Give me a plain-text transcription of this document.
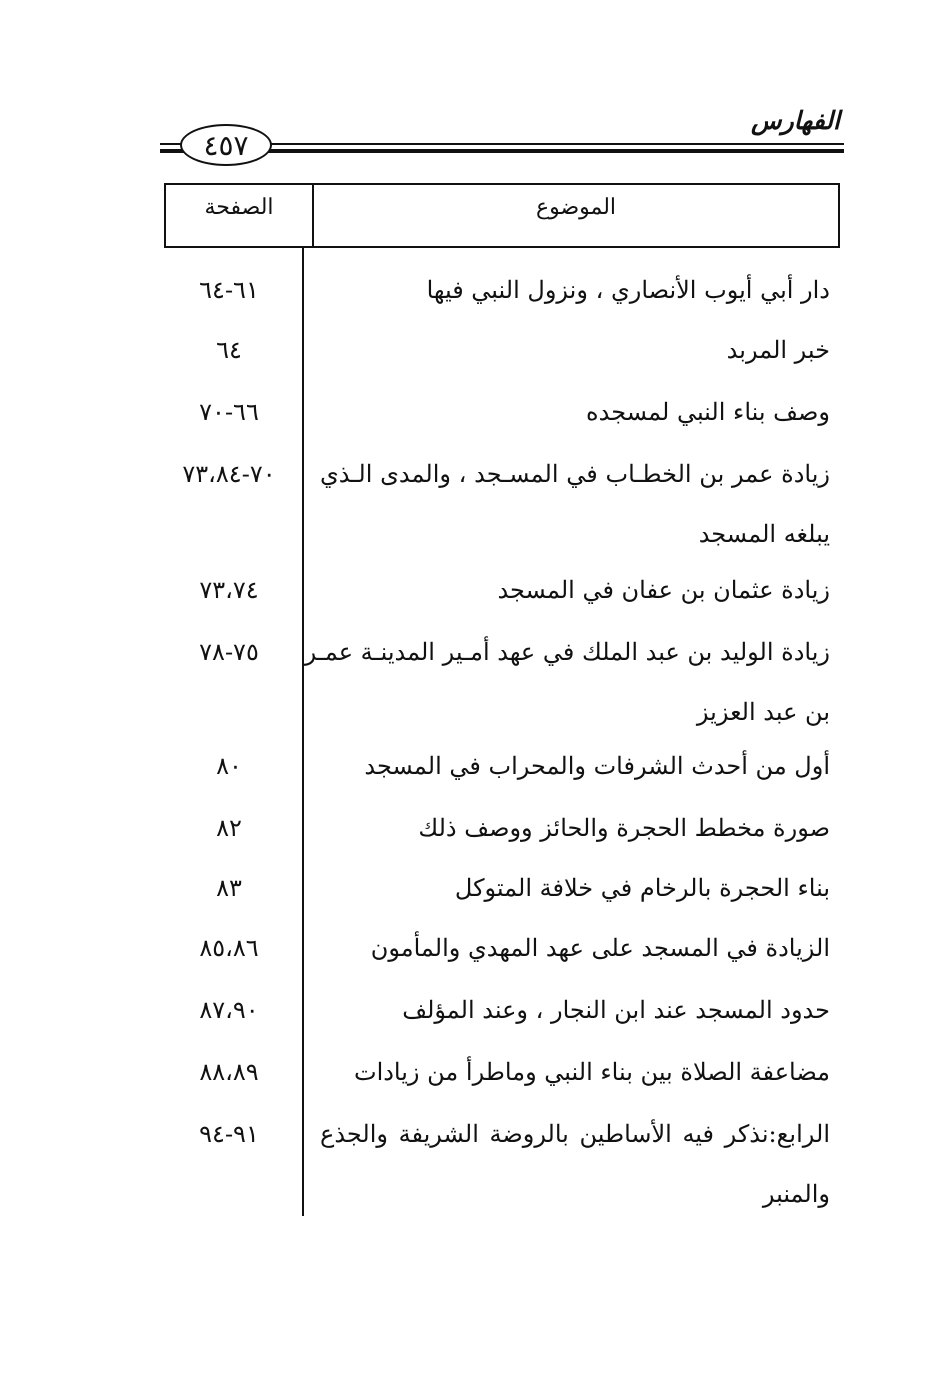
الفهارس
٤٥٧
الصفحة	الموضوع
دار أبي أيوب الأنصاري ، ونزول النبي فيها
٦١-٦٤
خبر المربد
٦٤
وصف بناء النبي لمسجده
٦٦-٧٠
زيادة عمر بن الخطـاب في المسـجد ، والمدى الـذي
يبلغه المسجد
٧٠-٧٣،٨٤
زيادة عثمان بن عفان في المسجد
٧٣،٧٤
زيادة الوليد بن عبد الملك في عهد أمـير المدينـة عمـر
بن عبد العزيز
٧٥-٧٨
أول من أحدث الشرفات والمحراب في المسجد
٨٠
صورة مخطط الحجرة والحائز ووصف ذلك
٨٢
بناء الحجرة بالرخام في خلافة المتوكل
٨٣
الزيادة في المسجد على عهد المهدي والمأمون
٨٥،٨٦
حدود المسجد عند ابن النجار ، وعند المؤلف
٨٧،٩٠
مضاعفة الصلاة بين بناء النبي وماطرأ من زيادات
٨٨،٨٩
الرابع:نذكر فيه الأساطين بالروضة الشريفة والجذع
والمنبر
٩١-٩٤
